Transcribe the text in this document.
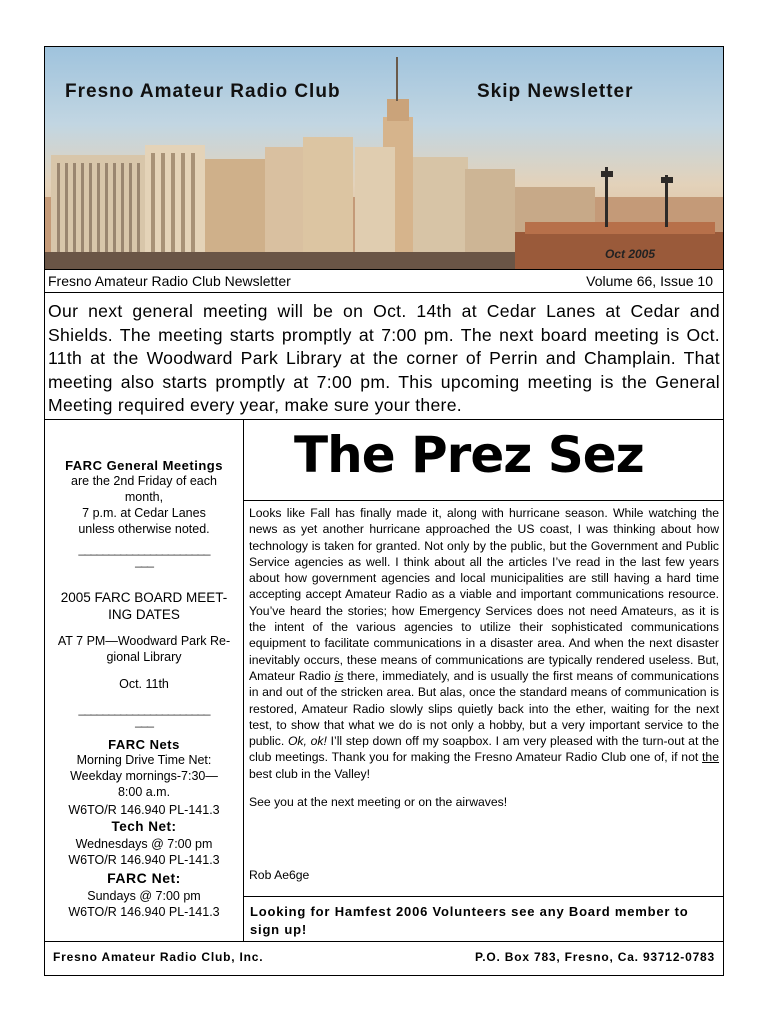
Fresno Amateur Radio Club	Skip Newsletter
Oct 2005
Fresno Amateur Radio Club Newsletter	Volume 66, Issue 10
Our next general meeting will be on Oct. 14th at Cedar Lanes at Cedar and Shields. The meeting starts promptly at 7:00 pm. The next board meeting is Oct. 11th at the Woodward Park Library at the corner of Perrin and Champlain. That meeting also starts promptly at 7:00 pm. This upcoming meeting is the General Meeting required every year, make sure your there.
FARC General Meetings
are the 2nd Friday of each month,
7 p.m. at Cedar Lanes
unless otherwise noted.
______________________
___
2005 FARC BOARD MEET-ING DATES
AT 7 PM—Woodward Park Re-gional Library
Oct. 11th
______________________
___
FARC Nets
Morning Drive Time Net:
Weekday mornings-7:30—8:00 a.m.
W6TO/R 146.940 PL-141.3
Tech Net:
Wednesdays @ 7:00 pm
W6TO/R 146.940 PL-141.3
FARC Net:
Sundays @ 7:00 pm
W6TO/R 146.940 PL-141.3
The Prez Sez

Looks like Fall has finally made it, along with hurricane season. While watching the news as yet another hurricane approached the US coast, I was thinking about how technology is taken for granted. Not only by the public, but the Government and Public Service agencies as well. I think about all the articles I’ve read in the last few years about how government agencies and local municipalities are still having a hard time accepting accept Amateur Radio as a viable and important communications resource. You’ve heard the stories; how Emergency Services does not need Amateurs, as it is the intent of the various agencies to utilize their sophisticated communications equipment to facilitate communications in a disaster area. And when the next disaster inevitably occurs, these means of communications are typically rendered useless. But, Amateur Radio is there, immediately, and is usually the first means of communications in and out of the stricken area. But alas, once the standard means of communication is restored, Amateur Radio slowly slips quietly back into the ether, waiting for the next test, to show that what we do is not only a hobby, but a very important service to the public. Ok, ok! I’ll step down off my soapbox. I am very pleased with the turn-out at the club meetings. Thank you for making the Fresno Amateur Radio Club one of, if not the best club in the Valley!

See you at the next meeting or on the airwaves!

Rob Ae6ge
Looking for Hamfest 2006 Volunteers see any Board member to sign up!
Fresno Amateur Radio Club, Inc.	P.O. Box 783, Fresno, Ca. 93712-0783
